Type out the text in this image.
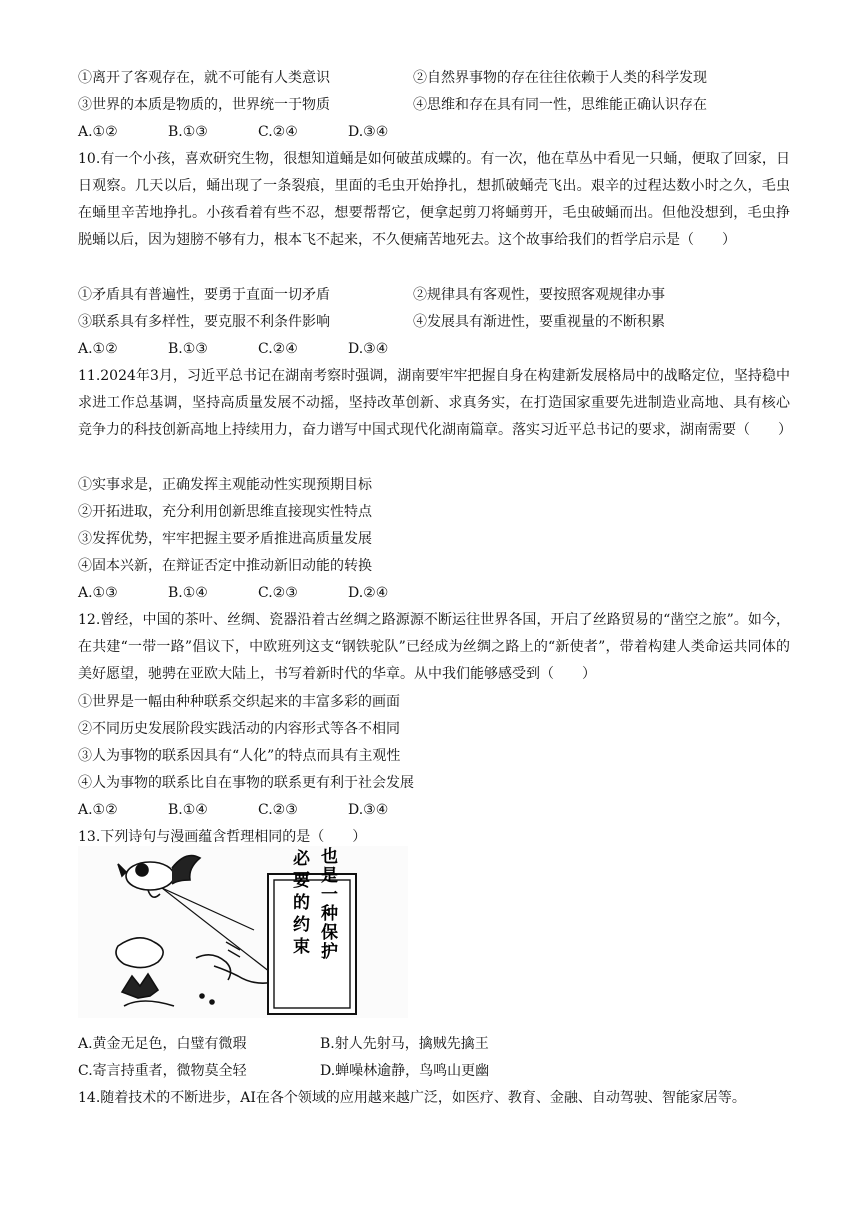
①离开了客观存在，就不可能有人类意识	②自然界事物的存在往往依赖于人类的科学发现
③世界的本质是物质的，世界统一于物质	④思维和存在具有同一性，思维能正确认识存在
A.①②	B.①③	C.②④	D.③④
10.有一个小孩，喜欢研究生物，很想知道蛹是如何破茧成蝶的。有一次，他在草丛中看见一只蛹，便取了回家，日日观察。几天以后，蛹出现了一条裂痕，里面的毛虫开始挣扎，想抓破蛹壳飞出。艰辛的过程达数小时之久，毛虫在蛹里辛苦地挣扎。小孩看着有些不忍，想要帮帮它，便拿起剪刀将蛹剪开，毛虫破蛹而出。但他没想到，毛虫挣脱蛹以后，因为翅膀不够有力，根本飞不起来，不久便痛苦地死去。这个故事给我们的哲学启示是（　　）
①矛盾具有普遍性，要勇于直面一切矛盾	②规律具有客观性，要按照客观规律办事
③联系具有多样性，要克服不利条件影响	④发展具有渐进性，要重视量的不断积累
A.①②	B.①③	C.②④	D.③④
11.2024年3月，习近平总书记在湖南考察时强调，湖南要牢牢把握自身在构建新发展格局中的战略定位，坚持稳中求进工作总基调，坚持高质量发展不动摇，坚持改革创新、求真务实，在打造国家重要先进制造业高地、具有核心竞争力的科技创新高地上持续用力，奋力谱写中国式现代化湖南篇章。落实习近平总书记的要求，湖南需要（　　）
①实事求是，正确发挥主观能动性实现预期目标
②开拓进取，充分利用创新思维直接现实性特点
③发挥优势，牢牢把握主要矛盾推进高质量发展
④固本兴新，在辩证否定中推动新旧动能的转换
A.①③	B.①④	C.②③	D.②④
12.曾经，中国的茶叶、丝绸、瓷器沿着古丝绸之路源源不断运往世界各国，开启了丝路贸易的“凿空之旅”。如今，在共建“一带一路”倡议下，中欧班列这支“钢铁驼队”已经成为丝绸之路上的“新使者”，带着构建人类命运共同体的美好愿望，驰骋在亚欧大陆上，书写着新时代的华章。从中我们能够感受到（　　）
①世界是一幅由种种联系交织起来的丰富多彩的画面
②不同历史发展阶段实践活动的内容形式等各不相同
③人为事物的联系因具有“人化”的特点而具有主观性
④人为事物的联系比自在事物的联系更有利于社会发展
A.①②	B.①④	C.②③	D.③④
13.下列诗句与漫画蕴含哲理相同的是（　　）
也是一种保护
必要的约束
A.黄金无足色，白璧有微瑕	B.射人先射马，擒贼先擒王
C.寄言持重者，微物莫全轻	D.蝉噪林逾静，鸟鸣山更幽
14.随着技术的不断进步，AI在各个领域的应用越来越广泛，如医疗、教育、金融、自动驾驶、智能家居等。
